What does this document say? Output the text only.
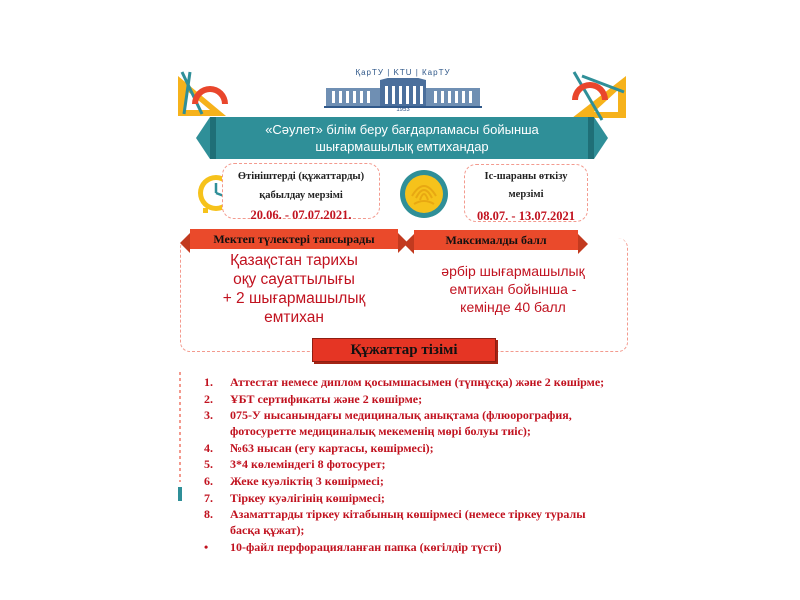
ҚарТУ | KTU | КарТУ
1953
«Сәулет» білім беру бағдарламасы бойынша
шығармашылық емтихандар
Өтініштерді (құжаттарды)
қабылдау мерзімі
20.06. - 07.07.2021.
Іс-шараны өткізу
мерзімі
08.07. - 13.07.2021
Мектеп түлектері тапсырады	Максималды балл
Қазақстан тарихы
оқу сауаттылығы
+ 2 шығармашылық
емтихан
әрбір шығармашылық
емтихан бойынша -
кемінде 40 балл
Құжаттар тізімі
1. Аттестат немесе диплом қосымшасымен (түпнұсқа) және 2 көшірме;
2. ҰБТ сертификаты және 2 көшірме;
3. 075-У нысанындағы медициналық анықтама (флюорография, фотосуретте медициналық мекеменің мөрі болуы тиіс);
4. №63 нысан (егу картасы, көшірмесі);
5. 3*4 көлеміндегі 8 фотосурет;
6. Жеке куәліктің 3 көшірмесі;
7. Тіркеу куәлігінің көшірмесі;
8. Азаматтарды тіркеу кітабының көшірмесі (немесе тіркеу туралы басқа құжат);
• 10-файл перфорацияланған папка (көгілдір түсті)
